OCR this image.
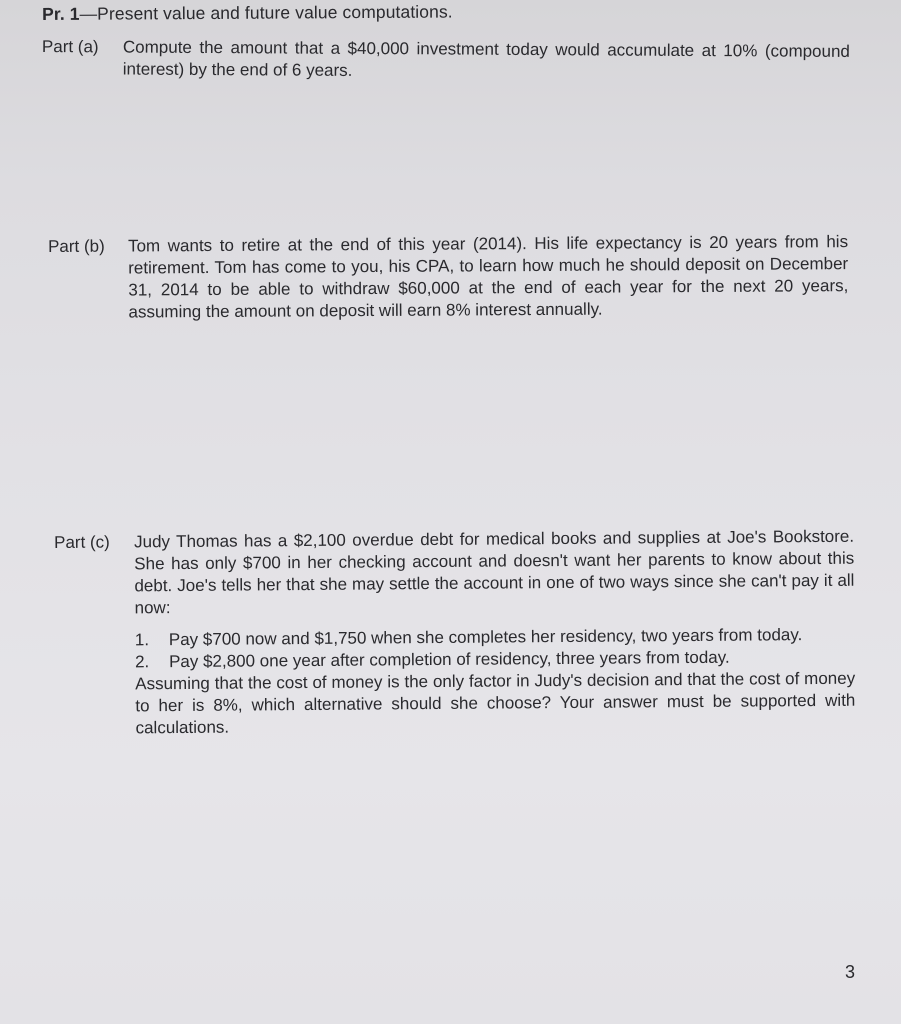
Pr. 1—Present value and future value computations.
Part (a) Compute the amount that a $40,000 investment today would accumulate at 10% (compound interest) by the end of 6 years.

Part (b) Tom wants to retire at the end of this year (2014). His life expectancy is 20 years from his retirement. Tom has come to you, his CPA, to learn how much he should deposit on December 31, 2014 to be able to withdraw $60,000 at the end of each year for the next 20 years, assuming the amount on deposit will earn 8% interest annually.

Part (c) Judy Thomas has a $2,100 overdue debt for medical books and supplies at Joe's Bookstore. She has only $700 in her checking account and doesn't want her parents to know about this debt. Joe's tells her that she may settle the account in one of two ways since she can't pay it all now:

1.	Pay $700 now and $1,750 when she completes her residency, two years from today.
2.	Pay $2,800 one year after completion of residency, three years from today.

Assuming that the cost of money is the only factor in Judy's decision and that the cost of money to her is 8%, which alternative should she choose? Your answer must be supported with calculations.

3
